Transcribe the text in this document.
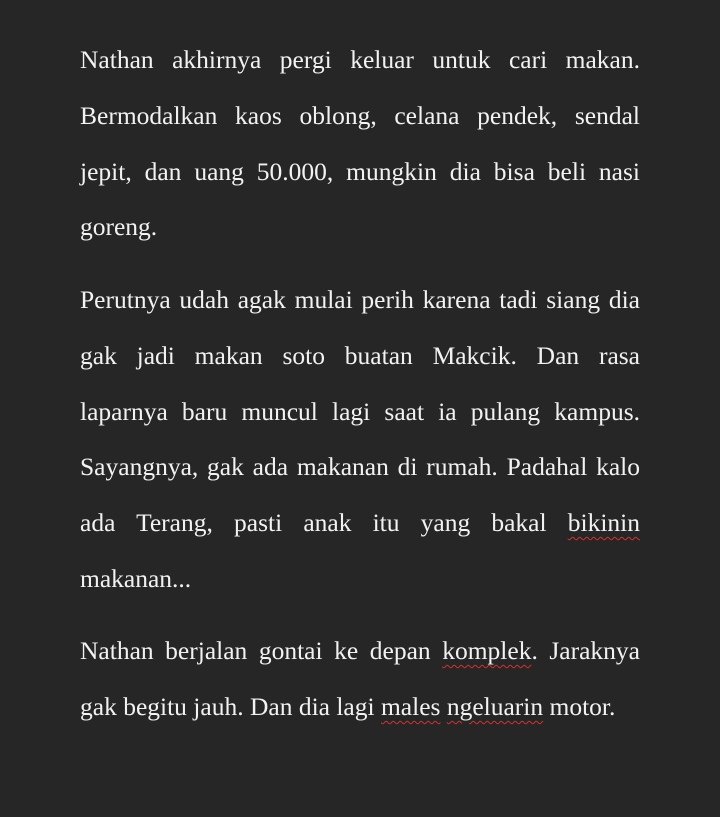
Nathan akhirnya pergi keluar untuk cari makan. Bermodalkan kaos oblong, celana pendek, sendal jepit, dan uang 50.000, mungkin dia bisa beli nasi goreng.

Perutnya udah agak mulai perih karena tadi siang dia gak jadi makan soto buatan Makcik. Dan rasa laparnya baru muncul lagi saat ia pulang kampus. Sayangnya, gak ada makanan di rumah. Padahal kalo ada Terang, pasti anak itu yang bakal bikinin makanan...

Nathan berjalan gontai ke depan komplek. Jaraknya gak begitu jauh. Dan dia lagi males ngeluarin motor.
